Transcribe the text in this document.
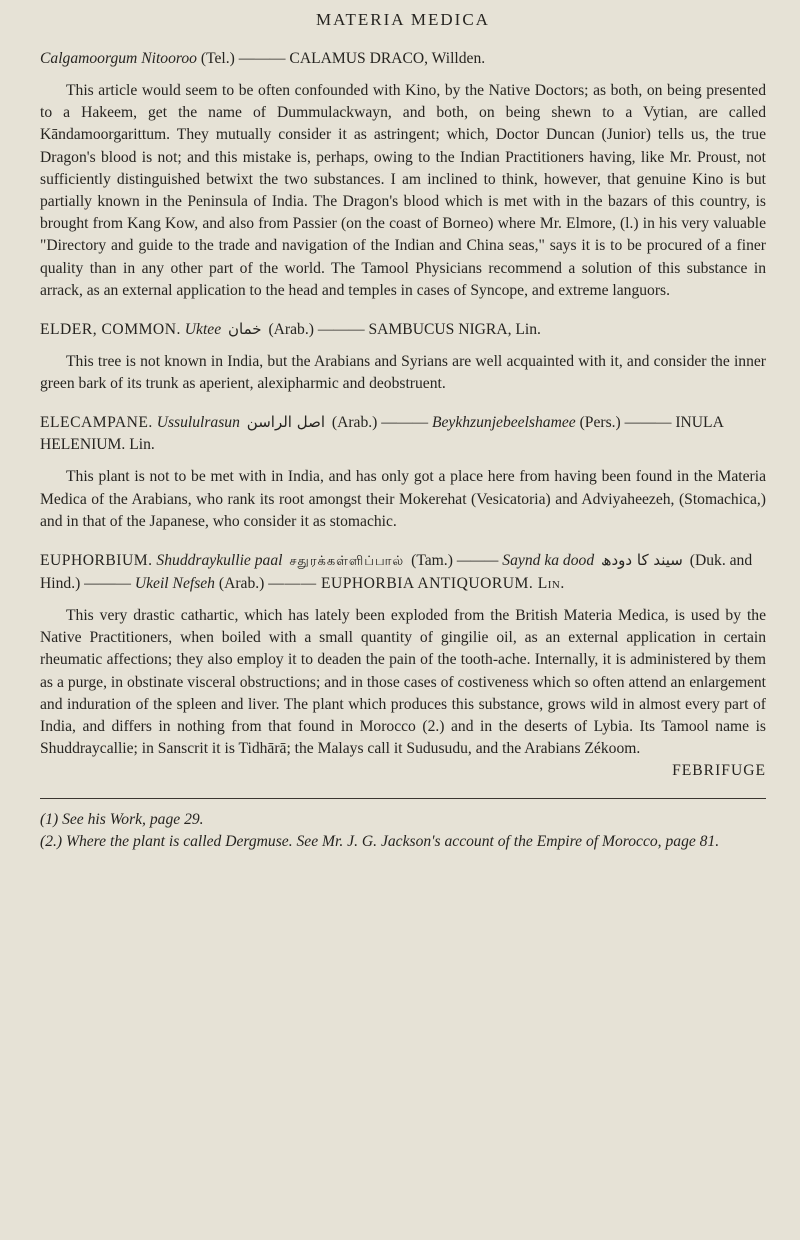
MATERIA MEDICA

Calgamoorgum Nitooroo (Tel.) ——— CALAMUS DRACO, Willden.

This article would seem to be often confounded with Kino, by the Native Doctors; as both, on being presented to a Hakeem, get the name of Dummulackwayn, and both, on being shewn to a Vytian, are called Kāndamoorgarittum. They mutually consider it as astringent; which, Doctor Duncan (Junior) tells us, the true Dragon's blood is not; and this mistake is, perhaps, owing to the Indian Practitioners having, like Mr. Proust, not sufficiently distinguished betwixt the two substances. I am inclined to think, however, that genuine Kino is but partially known in the Peninsula of India. The Dragon's blood which is met with in the bazars of this country, is brought from Kang Kow, and also from Passier (on the coast of Borneo) where Mr. Elmore, (l.) in his very valuable "Directory and guide to the trade and navigation of the Indian and China seas," says it is to be procured of a finer quality than in any other part of the world. The Tamool Physicians recommend a solution of this substance in arrack, as an external application to the head and temples in cases of Syncope, and extreme languors.

ELDER, COMMON. Uktee خمان (Arab.) ——— SAMBUCUS NIGRA, Lin.

This tree is not known in India, but the Arabians and Syrians are well acquainted with it, and consider the inner green bark of its trunk as aperient, alexipharmic and deobstruent.

ELECAMPANE. Ussululrasun اصل الراسن (Arab.) ——— Beykhzunjebeelshamee (Pers.) ——— INULA HELENIUM. Lin.

This plant is not to be met with in India, and has only got a place here from having been found in the Materia Medica of the Arabians, who rank its root amongst their Mokerehat (Vesicatoria) and Adviyaheezeh, (Stomachica,) and in that of the Japanese, who consider it as stomachic.

EUPHORBIUM. Shuddraykullie paal சதுரக்கள்ளிப்பால் (Tam.) ——— Saynd ka dood سیند کا دودھ (Duk. and Hind.) ——— Ukeil Nefseh (Arab.) ——— EUPHORBIA ANTIQUORUM. Lin.

This very drastic cathartic, which has lately been exploded from the British Materia Medica, is used by the Native Practitioners, when boiled with a small quantity of gingilie oil, as an external application in certain rheumatic affections; they also employ it to deaden the pain of the tooth-ache. Internally, it is administered by them as a purge, in obstinate visceral obstructions; and in those cases of costiveness which so often attend an enlargement and induration of the spleen and liver. The plant which produces this substance, grows wild in almost every part of India, and differs in nothing from that found in Morocco (2.) and in the deserts of Lybia. Its Tamool name is Shuddraycallie; in Sanscrit it is Tidhārā; the Malays call it Sudusudu, and the Arabians Zékoom.

FEBRIFUGE

(1) See his Work, page 29.

(2.) Where the plant is called Dergmuse. See Mr. J. G. Jackson's account of the Empire of Morocco, page 81.
